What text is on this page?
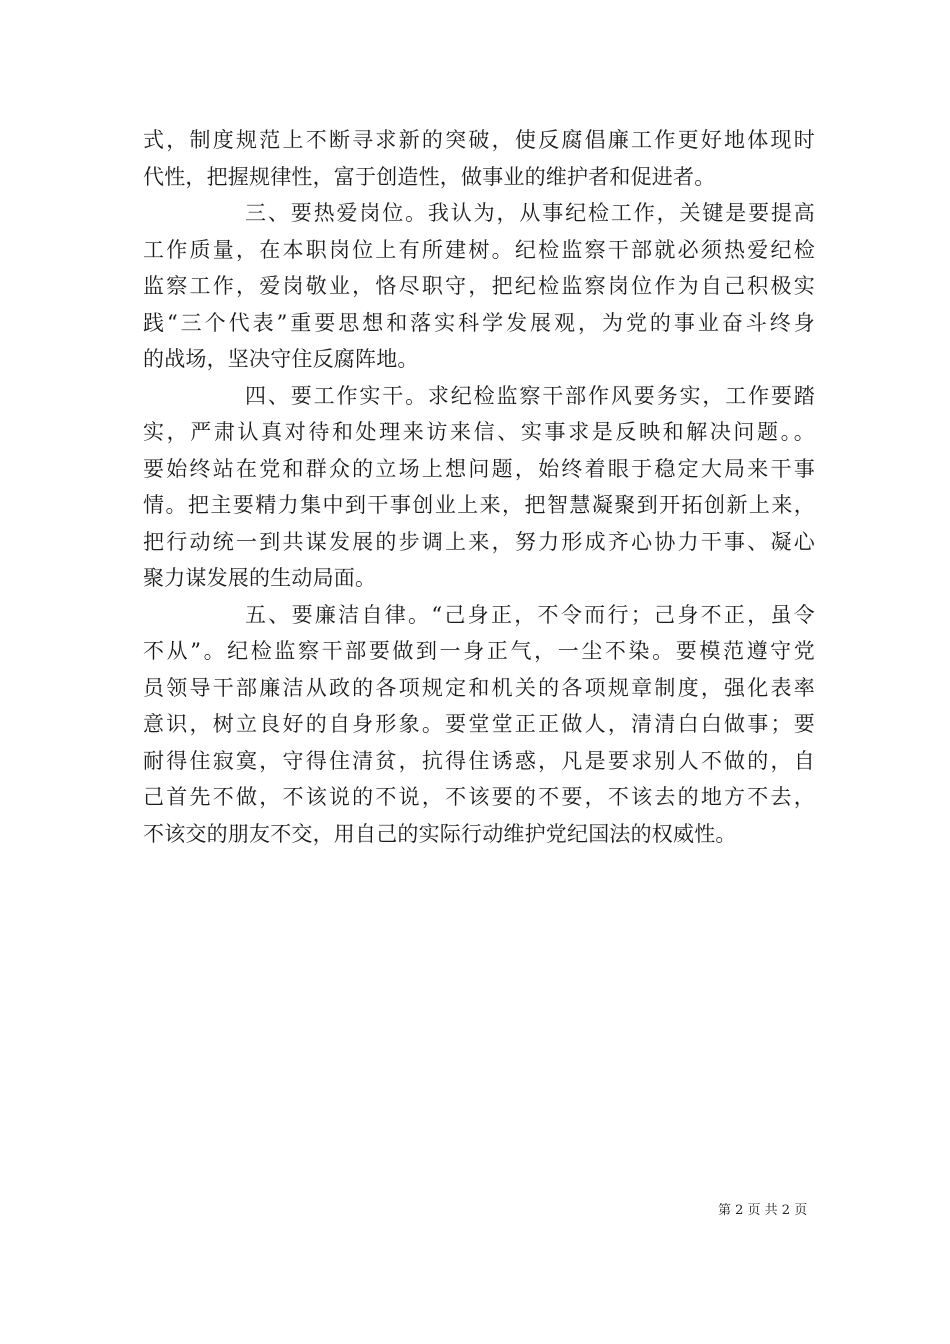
式，制度规范上不断寻求新的突破，使反腐倡廉工作更好地体现时
代性，把握规律性，富于创造性，做事业的维护者和促进者。
三、要热爱岗位。我认为，从事纪检工作，关键是要提高
工作质量，在本职岗位上有所建树。纪检监察干部就必须热爱纪检
监察工作，爱岗敬业，恪尽职守，把纪检监察岗位作为自己积极实
践“三个代表”重要思想和落实科学发展观，为党的事业奋斗终身
的战场，坚决守住反腐阵地。
四、要工作实干。求纪检监察干部作风要务实，工作要踏
实，严肃认真对待和处理来访来信、实事求是反映和解决问题。。
要始终站在党和群众的立场上想问题，始终着眼于稳定大局来干事
情。把主要精力集中到干事创业上来，把智慧凝聚到开拓创新上来，
把行动统一到共谋发展的步调上来，努力形成齐心协力干事、凝心
聚力谋发展的生动局面。
五、要廉洁自律。“己身正，不令而行；己身不正，虽令
不从”。纪检监察干部要做到一身正气，一尘不染。要模范遵守党
员领导干部廉洁从政的各项规定和机关的各项规章制度，强化表率
意识，树立良好的自身形象。要堂堂正正做人，清清白白做事；要
耐得住寂寞，守得住清贫，抗得住诱惑，凡是要求别人不做的，自
己首先不做，不该说的不说，不该要的不要，不该去的地方不去，
不该交的朋友不交，用自己的实际行动维护党纪国法的权威性。
第 2 页 共 2 页
